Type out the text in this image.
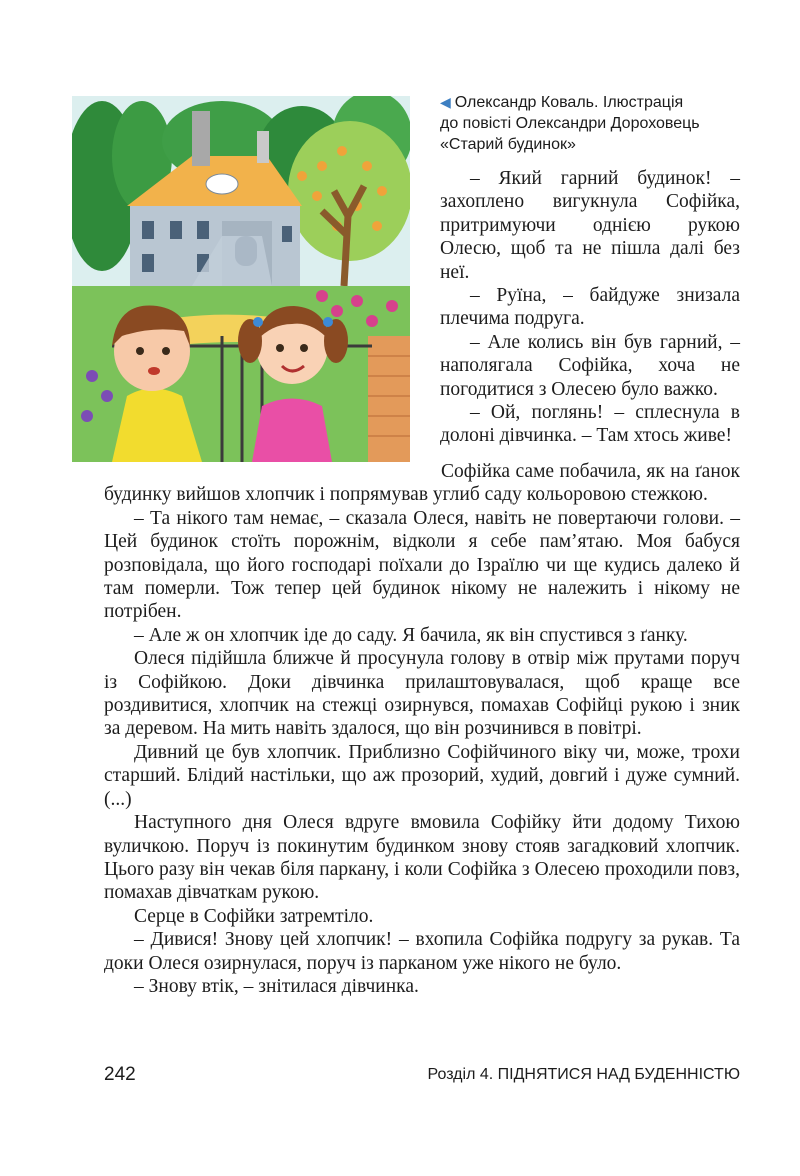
◀ Олександр Коваль. Ілюстрація
до повісті Олександри Дороховець
«Старий будинок»

– Який гарний будинок! – захоплено вигукнула Софійка, притримуючи однією рукою Олесю, щоб та не пішла далі без неї.

– Руїна, – байдуже знизала плечима подруга.

– Але колись він був гарний, – наполягала Софійка, хоча не погодитися з Олесею було важко.

– Ой, поглянь! – сплеснула в долоні дівчинка. – Там хтось живе!

Софійка саме побачила, як на ґанок будинку вийшов хлопчик і попрямував углиб саду кольоровою стежкою.

– Та нікого там немає, – сказала Олеся, навіть не повертаючи голови. – Цей будинок стоїть порожнім, відколи я себе пам’ятаю. Моя бабуся розповідала, що його господарі поїхали до Ізраїлю чи ще кудись далеко й там померли. Тож тепер цей будинок нікому не належить і нікому не потрібен.

– Але ж он хлопчик іде до саду. Я бачила, як він спустився з ґанку.

Олеся підійшла ближче й просунула голову в отвір між прутами поруч із Софійкою. Доки дівчинка прилаштовувалася, щоб краще все роздивитися, хлопчик на стежці озирнувся, помахав Софійці рукою і зник за деревом. На мить навіть здалося, що він розчинився в повітрі.

Дивний це був хлопчик. Приблизно Софійчиного віку чи, може, трохи старший. Блідий настільки, що аж прозорий, худий, довгий і дуже сумний. (...)

Наступного дня Олеся вдруге вмовила Софійку йти додому Тихою вуличкою. Поруч із покинутим будинком знову стояв загадковий хлопчик. Цього разу він чекав біля паркану, і коли Софійка з Олесею проходили повз, помахав дівчаткам рукою.

Серце в Софійки затремтіло.

– Дивися! Знову цей хлопчик! – вхопила Софійка подругу за рукав. Та доки Олеся озирнулася, поруч із парканом уже нікого не було.

– Знову втік, – знітилася дівчинка.

242	Розділ 4. ПІДНЯТИСЯ НАД БУДЕННІСТЮ
